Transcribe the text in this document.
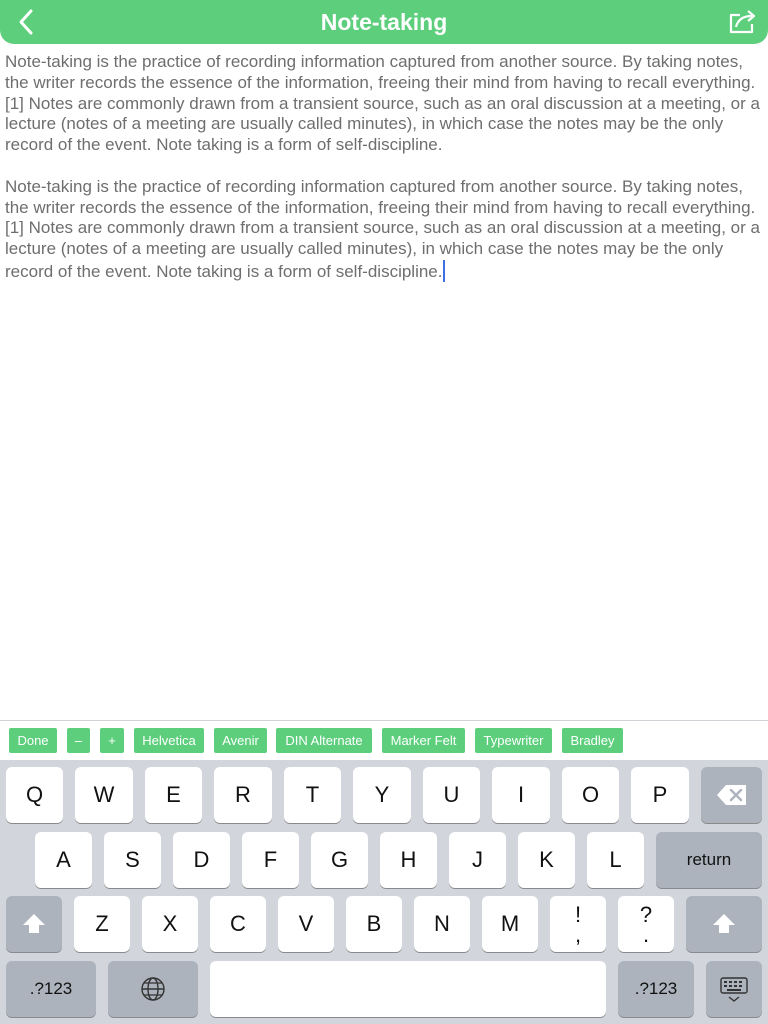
Note-taking

Note-taking is the practice of recording information captured from another source. By taking notes, the writer records the essence of the information, freeing their mind from having to recall everything.[1] Notes are commonly drawn from a transient source, such as an oral discussion at a meeting, or a lecture (notes of a meeting are usually called minutes), in which case the notes may be the only record of the event. Note taking is a form of self-discipline.

Note-taking is the practice of recording information captured from another source. By taking notes, the writer records the essence of the information, freeing their mind from having to recall everything.[1] Notes are commonly drawn from a transient source, such as an oral discussion at a meeting, or a lecture (notes of a meeting are usually called minutes), in which case the notes may be the only record of the event. Note taking is a form of self-discipline.

Done	–	+	Helvetica	Avenir	DIN Alternate	Marker Felt	Typewriter	Bradley
Q	W	E	R	T	Y	U	I	O	P
A	S	D	F	G	H	J	K	L	return
Z	X	C	V	B	N	M	!
,
?
.
.?123	.?123
